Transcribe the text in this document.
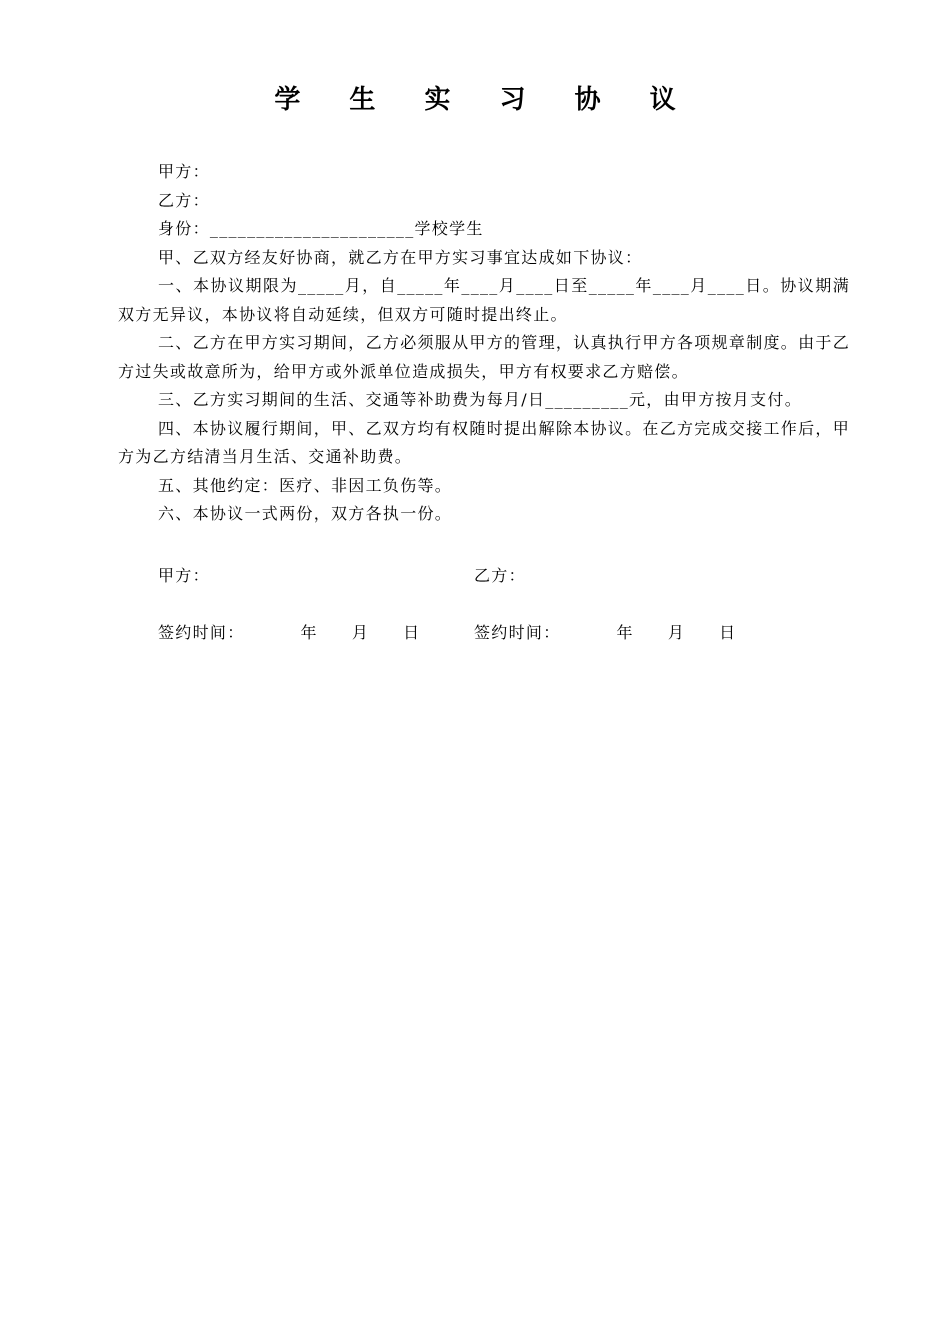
学 生 实 习 协 议

甲方：

乙方：

身份：______________________学校学生

甲、乙双方经友好协商，就乙方在甲方实习事宜达成如下协议：

一、本协议期限为_____月，自_____年____月____日至_____年____月____日。协议期满双方无异议，本协议将自动延续，但双方可随时提出终止。

二、乙方在甲方实习期间，乙方必须服从甲方的管理，认真执行甲方各项规章制度。由于乙方过失或故意所为，给甲方或外派单位造成损失，甲方有权要求乙方赔偿。

三、乙方实习期间的生活、交通等补助费为每月/日_________元，由甲方按月支付。

四、本协议履行期间，甲、乙双方均有权随时提出解除本协议。在乙方完成交接工作后，甲方为乙方结清当月生活、交通补助费。

五、其他约定：医疗、非因工负伤等。

六、本协议一式两份，双方各执一份。

甲方：	乙方：
签约时间：	年 月 日	签约时间：	年 月 日
